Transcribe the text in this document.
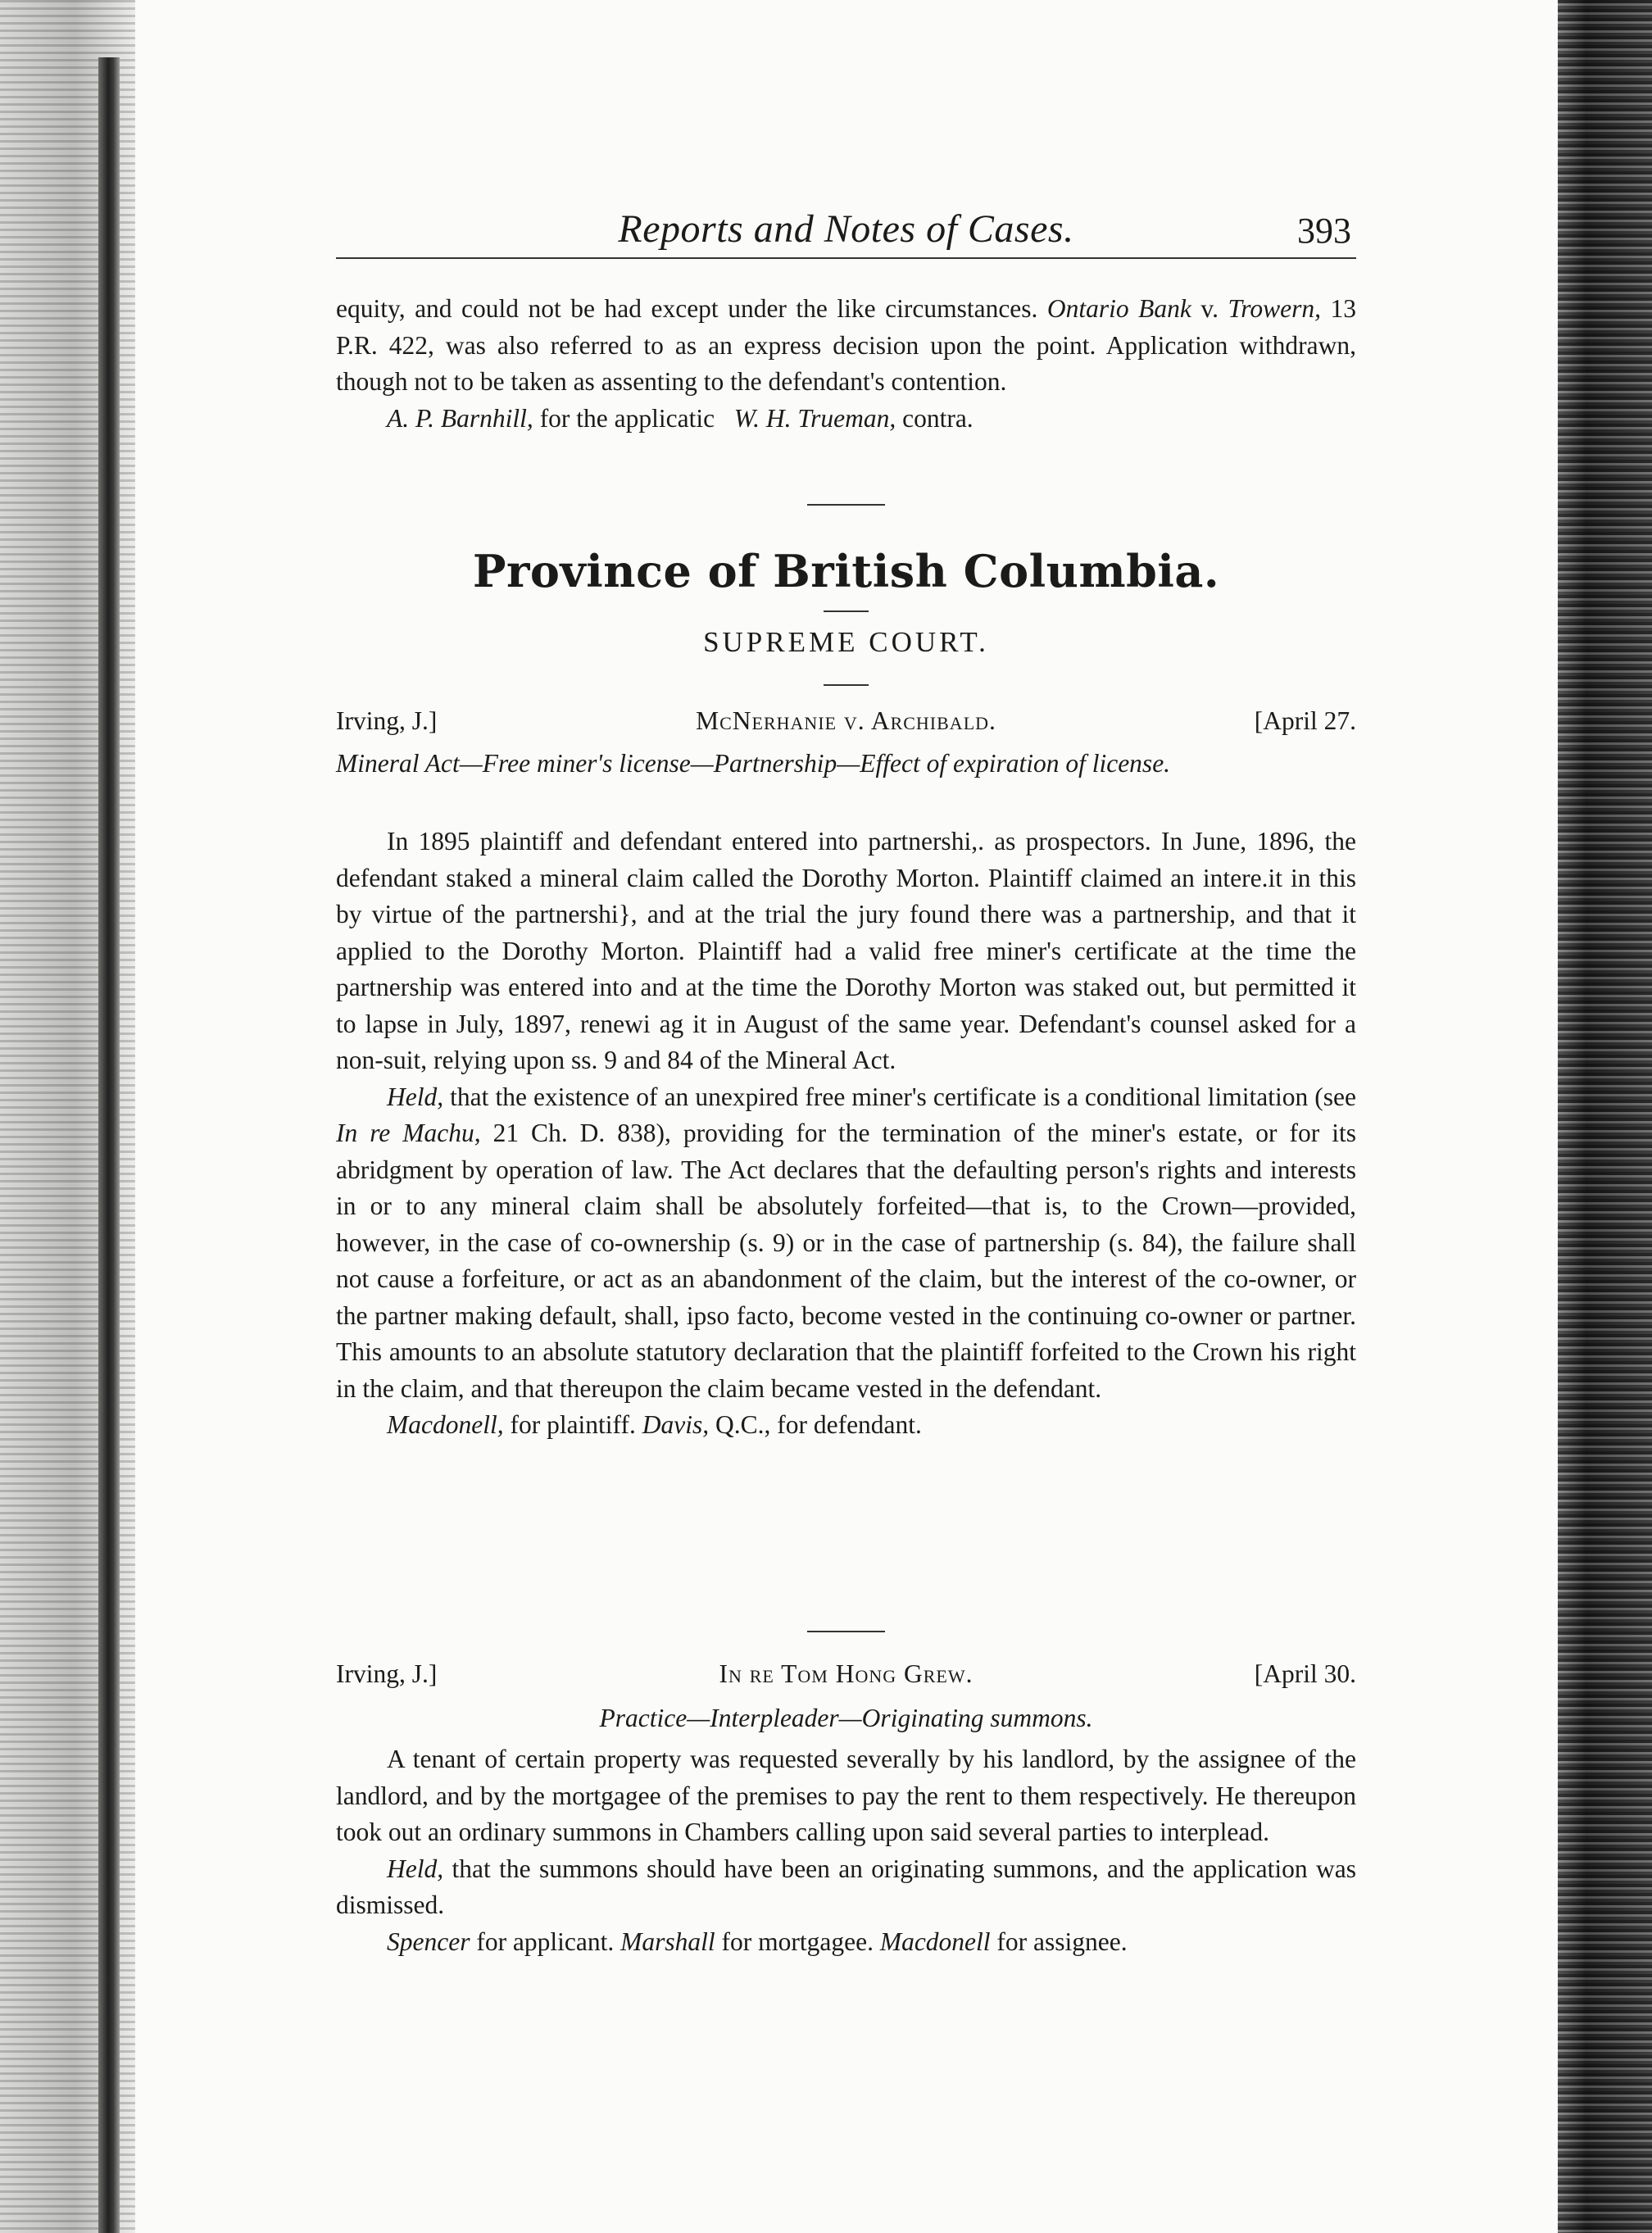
Reports and Notes of Cases.	393

equity, and could not be had except under the like circumstances. Ontario Bank v. Trowern, 13 P.R. 422, was also referred to as an express decision upon the point. Application withdrawn, though not to be taken as assenting to the defendant's contention.

A. P. Barnhill, for the applicatic W. H. Trueman, contra.

Province of British Columbia.
SUPREME COURT.
Irving, J.]	McNerhanie v. Archibald.	[April 27.
Mineral Act—Free miner's license—Partnership—Effect of expiration of license.

In 1895 plaintiff and defendant entered into partnershi,. as prospectors. In June, 1896, the defendant staked a mineral claim called the Dorothy Morton. Plaintiff claimed an intere.it in this by virtue of the partnershi}, and at the trial the jury found there was a partnership, and that it applied to the Dorothy Morton. Plaintiff had a valid free miner's certificate at the time the partnership was entered into and at the time the Dorothy Morton was staked out, but permitted it to lapse in July, 1897, renewi ag it in August of the same year. Defendant's counsel asked for a non-suit, relying upon ss. 9 and 84 of the Mineral Act.

Held, that the existence of an unexpired free miner's certificate is a conditional limitation (see In re Machu, 21 Ch. D. 838), providing for the termination of the miner's estate, or for its abridgment by operation of law. The Act declares that the defaulting person's rights and interests in or to any mineral claim shall be absolutely forfeited—that is, to the Crown—provided, however, in the case of co-ownership (s. 9) or in the case of partnership (s. 84), the failure shall not cause a forfeiture, or act as an abandonment of the claim, but the interest of the co-owner, or the partner making default, shall, ipso facto, become vested in the continuing co-owner or partner. This amounts to an absolute statutory declaration that the plaintiff forfeited to the Crown his right in the claim, and that thereupon the claim became vested in the defendant.

Macdonell, for plaintiff. Davis, Q.C., for defendant.

Irving, J.]	In re Tom Hong Grew.	[April 30.
Practice—Interpleader—Originating summons.

A tenant of certain property was requested severally by his landlord, by the assignee of the landlord, and by the mortgagee of the premises to pay the rent to them respectively. He thereupon took out an ordinary summons in Chambers calling upon said several parties to interplead.

Held, that the summons should have been an originating summons, and the application was dismissed.

Spencer for applicant. Marshall for mortgagee. Macdonell for assignee.
